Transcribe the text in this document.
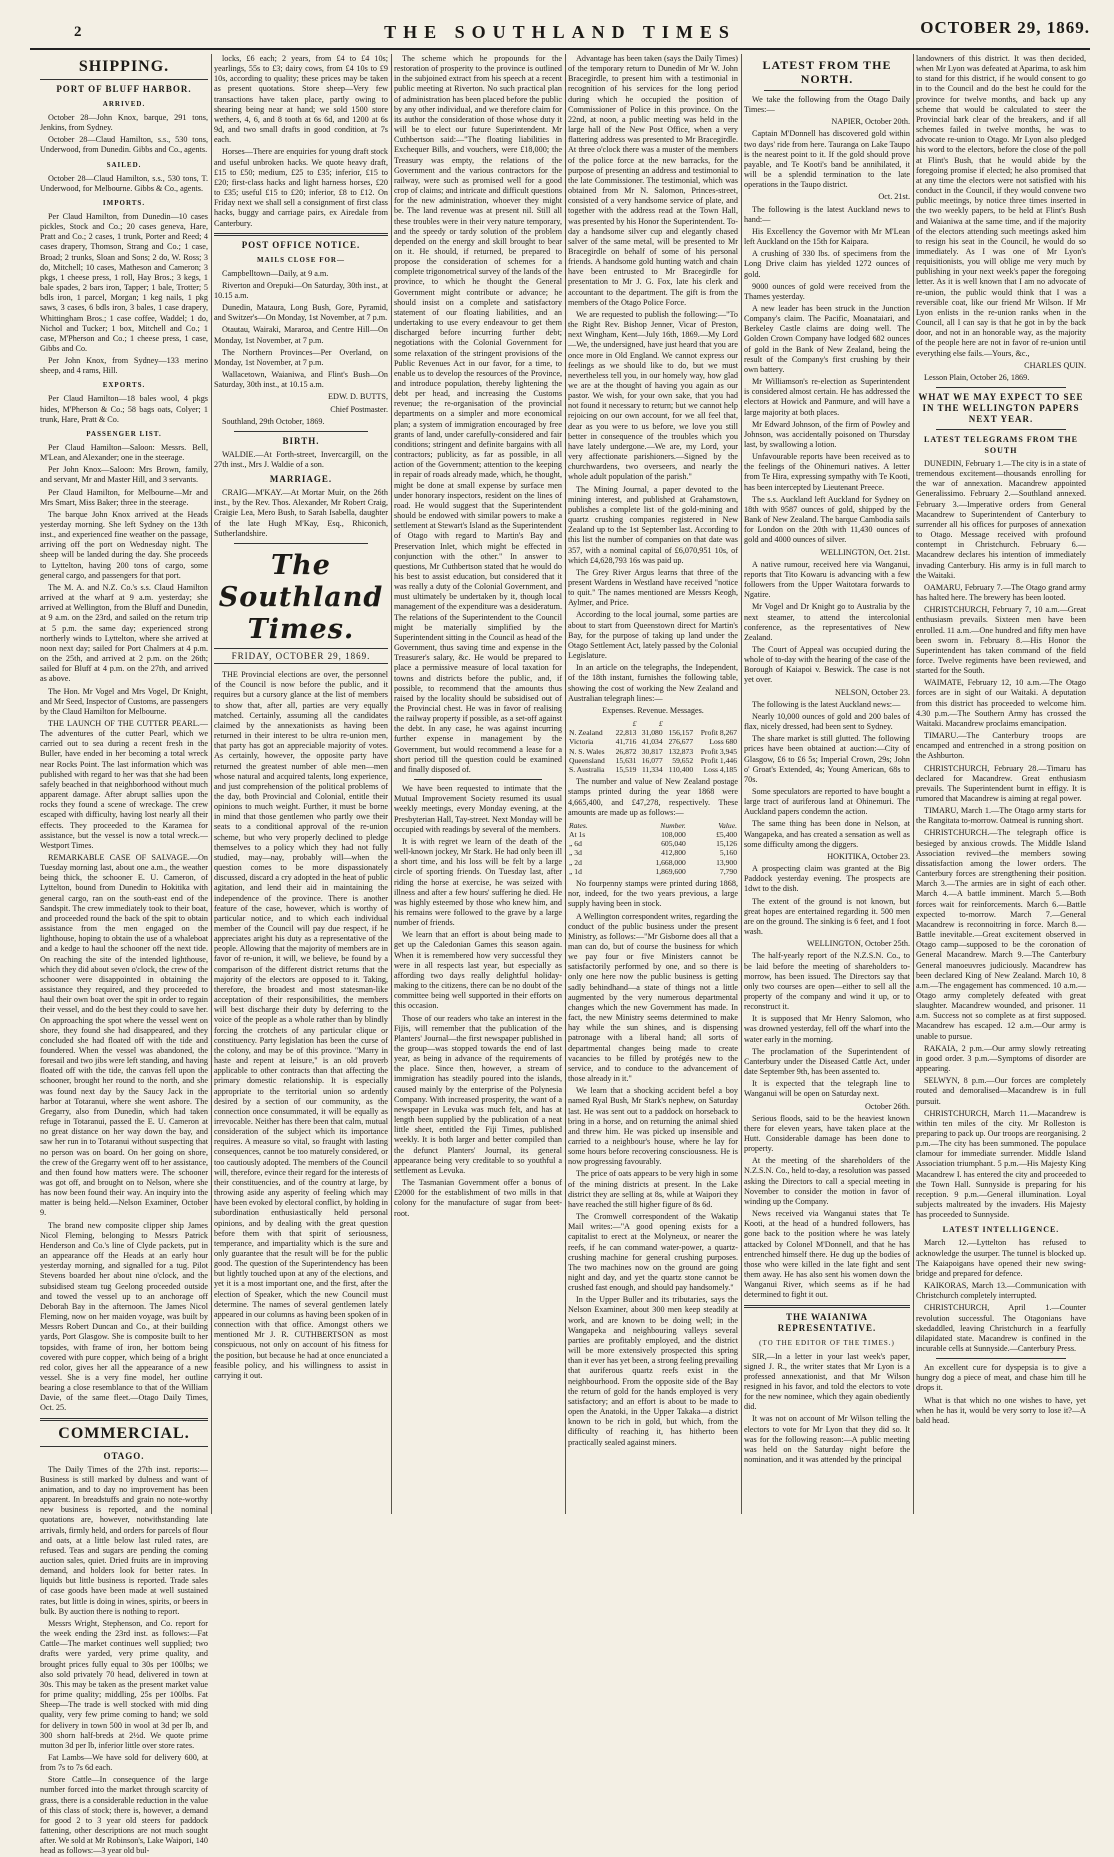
2	THE SOUTHLAND TIMES	OCTOBER 29, 1869.
SHIPPING.
PORT OF BLUFF HARBOR.
ARRIVED.

October 28—John Knox, barque, 291 tons, Jenkins, from Sydney.

October 28—Claud Hamilton, s.s., 530 tons, Underwood, from Dunedin. Gibbs and Co., agents.

SAILED.

October 28—Claud Hamilton, s.s., 530 tons, T. Underwood, for Melbourne. Gibbs & Co., agents.

IMPORTS.

Per Claud Hamilton, from Dunedin—10 cases pickles, Stock and Co.; 20 cases geneva, Hare, Pratt and Co.; 2 cases, 1 trunk, Porter and Reed; 4 cases drapery, Thomson, Strang and Co.; 1 case, Broad; 2 trunks, Sloan and Sons; 2 do, W. Ross; 3 do, Mitchell; 10 cases, Matheson and Cameron; 3 pkgs, 1 cheese press, 1 roll, Hay Bros.; 3 kegs, 1 bale spades, 2 bars iron, Tapper; 1 bale, Trotter; 5 bdls iron, 1 parcel, Morgan; 1 keg nails, 1 pkg saws, 3 cases, 6 bdls iron, 3 bales, 1 case drapery, Whittingham Bros.; 1 case coffee, Waddel; 1 do, Nichol and Tucker; 1 box, Mitchell and Co.; 1 case, M'Pherson and Co.; 1 cheese press, 1 case, Gibbs and Co.

Per John Knox, from Sydney—133 merino sheep, and 4 rams, Hill.

EXPORTS.

Per Claud Hamilton—18 bales wool, 4 pkgs hides, M'Pherson & Co.; 58 bags oats, Colyer; 1 trunk, Hare, Pratt & Co.

PASSENGER LIST.

Per Claud Hamilton—Saloon: Messrs. Bell, M'Lean, and Alexander; one in the steerage.

Per John Knox—Saloon: Mrs Brown, family, and servant, Mr and Master Hill, and 3 servants.

Per Claud Hamilton, for Melbourne—Mr and Mrs Smart, Miss Baker; three in the steerage.

The barque John Knox arrived at the Heads yesterday morning. She left Sydney on the 13th inst., and experienced fine weather on the passage, arriving off the port on Wednesday night. The sheep will be landed during the day. She proceeds to Lyttelton, having 200 tons of cargo, some general cargo, and passengers for that port.

The M. A. and N.Z. Co.'s s.s. Claud Hamilton arrived at the wharf at 9 a.m. yesterday; she arrived at Wellington, from the Bluff and Dunedin, at 9 a.m. on the 23rd, and sailed on the return trip at 5 p.m. the same day; experienced strong northerly winds to Lyttelton, where she arrived at noon next day; sailed for Port Chalmers at 4 p.m. on the 25th, and arrived at 2 p.m. on the 26th; sailed for Bluff at 4 p.m. on the 27th, and arrived as above.

The Hon. Mr Vogel and Mrs Vogel, Dr Knight, and Mr Seed, Inspector of Customs, are passengers by the Claud Hamilton for Melbourne.

THE LAUNCH OF THE CUTTER PEARL.—The adventures of the cutter Pearl, which we carried out to sea during a recent fresh in the Buller, have ended in her becoming a total wreck near Rocks Point. The last information which was published with regard to her was that she had been safely beached in that neighborhood without much apparent damage. After abrupt sallies upon the rocks they found a scene of wreckage. The crew escaped with difficulty, having lost nearly all their effects. They proceeded to the Karamea for assistance, but the vessel is now a total wreck.—Westport Times.

REMARKABLE CASE OF SALVAGE.—On Tuesday morning last, about one a.m., the weather being thick, the schooner E. U. Cameron, of Lyttelton, bound from Dunedin to Hokitika with general cargo, ran on the south-east end of the Sandspit. The crew immediately took to their boat, and proceeded round the back of the spit to obtain assistance from the men engaged on the lighthouse, hoping to obtain the use of a whaleboat and a kedge to haul the schooner off the next tide. On reaching the site of the intended lighthouse, which they did about seven o'clock, the crew of the schooner were disappointed in obtaining the assistance they required, and they proceeded to haul their own boat over the spit in order to regain their vessel, and do the best they could to save her. On approaching the spot where the vessel went on shore, they found she had disappeared, and they concluded she had floated off with the tide and foundered. When the vessel was abandoned, the foresail and two jibs were left standing, and having floated off with the tide, the canvas fell upon the schooner, brought her round to the north, and she was found next day by the Saucy Jack in the harbor at Totaranui, where she went ashore. The Gregarry, also from Dunedin, which had taken refuge in Totaranui, passed the E. U. Cameron at no great distance on her way down the bay, and saw her run in to Totaranui without suspecting that no person was on board. On her going on shore, the crew of the Gregarry went off to her assistance, and then found how matters were. The schooner was got off, and brought on to Nelson, where she has now been found their way. An inquiry into the matter is being held.—Nelson Examiner, October 9.

The brand new composite clipper ship James Nicol Fleming, belonging to Messrs Patrick Henderson and Co.'s line of Clyde packets, put in an appearance off the Heads at an early hour yesterday morning, and signalled for a tug. Pilot Stevens boarded her about nine o'clock, and the subsidised steam tug Geelong proceeded outside and towed the vessel up to an anchorage off Deborah Bay in the afternoon. The James Nicol Fleming, now on her maiden voyage, was built by Messrs Robert Duncan and Co., at their building yards, Port Glasgow. She is composite built to her topsides, with frame of iron, her bottom being covered with pure copper, which being of a bright red color, gives her all the appearance of a new vessel. She is a very fine model, her outline bearing a close resemblance to that of the William Davie, of the same fleet.—Otago Daily Times, Oct. 25.

COMMERCIAL.
OTAGO.

The Daily Times of the 27th inst. reports:—Business is still marked by dulness and want of animation, and to day no improvement has been apparent. In breadstuffs and grain no note-worthy new business is reported, and the nominal quotations are, however, notwithstanding late arrivals, firmly held, and orders for parcels of flour and oats, at a little below last ruled rates, are refused. Teas and sugars are pending the coming auction sales, quiet. Dried fruits are in improving demand, and holders look for better rates. In liquids but little business is reported. Trade sales of case goods have been made at well sustained rates, but little is doing in wines, spirits, or beers in bulk. By auction there is nothing to report.

Messrs Wright, Stephenson, and Co. report for the week ending the 23rd inst. as follows:—Fat Cattle—The market continues well supplied; two drafts were yarded, very prime quality, and brought prices fully equal to 30s per 100lbs; we also sold privately 70 head, delivered in town at 30s. This may be taken as the present market value for prime quality; middling, 25s per 100lbs. Fat Sheep—The trade is well stocked with mid ding quality, very few prime coming to hand; we sold for delivery in town 500 in wool at 3d per lb, and 300 shorn half-breds at 2½d. We quote prime mutton 3d per lb, inferior little over store rates.

Fat Lambs—We have sold for delivery 600, at from 7s to 7s 6d each.

Store Cattle—In consequence of the large number forced into the market through scarcity of grass, there is a considerable reduction in the value of this class of stock; there is, however, a demand for good 2 to 3 year old steers for paddock fattening, other descriptions are not much sought after. We sold at Mr Robinson's, Lake Waipori, 140 head as follows:—3 year old bul-

locks, £6 each; 2 years, from £4 to £4 10s; yearlings, 55s to £3; dairy cows, from £4 10s to £9 10s, according to quality; these prices may be taken as present quotations. Store sheep—Very few transactions have taken place, partly owing to shearing being near at hand; we sold 1500 store wethers, 4, 6, and 8 tooth at 6s 6d, and 1200 at 6s 9d, and two small drafts in good condition, at 7s each.

Horses—There are enquiries for young draft stock and useful unbroken hacks. We quote heavy draft, £15 to £50; medium, £25 to £35; inferior, £15 to £20; first-class hacks and light harness horses, £20 to £35; useful £15 to £20; inferior, £8 to £12. On Friday next we shall sell a consignment of first class hacks, buggy and carriage pairs, ex Airedale from Canterbury.

POST OFFICE NOTICE.
MAILS CLOSE FOR—

Campbelltown—Daily, at 9 a.m.

Riverton and Orepuki—On Saturday, 30th inst., at 10.15 a.m.

Dunedin, Mataura, Long Bush, Gore, Pyramid, and Switzer's—On Monday, 1st November, at 7 p.m.

Otautau, Wairaki, Mararoa, and Centre Hill—On Monday, 1st November, at 7 p.m.

The Northern Provinces—Per Overland, on Monday, 1st November, at 7 p.m.

Wallacetown, Waianiwa, and Flint's Bush—On Saturday, 30th inst., at 10.15 a.m.

EDW. D. BUTTS,

Chief Postmaster.

Southland, 29th October, 1869.

BIRTH.

WALDIE.—At Forth-street, Invercargill, on the 27th inst., Mrs J. Waldie of a son.

MARRIAGE.

CRAIG—M'KAY.—At Mortar Muir, on the 26th inst., by the Rev. Thos. Alexander, Mr Robert Craig, Craigie Lea, Mero Bush, to Sarah Isabella, daughter of the late Hugh M'Kay, Esq., Rhiconich, Sutherlandshire.

The Southland Times.
FRIDAY, OCTOBER 29, 1869.

THE Provincial elections are over, the personnel of the Council is now before the public, and it requires but a cursory glance at the list of members to show that, after all, parties are very equally matched. Certainly, assuming all the candidates claimed by the annexationists as having been returned in their interest to be ultra re-union men, that party has got an appreciable majority of votes. As certainly, however, the opposite party have returned the greatest number of able men—men whose natural and acquired talents, long experience, and just comprehension of the political problems of the day, both Provincial and Colonial, entitle their opinions to much weight. Further, it must be borne in mind that those gentlemen who partly owe their seats to a conditional approval of the re-union scheme, but who very properly declined to pledge themselves to a policy which they had not fully studied, may—nay, probably will—when the question comes to be more dispassionately discussed, discard a cry adopted in the heat of public agitation, and lend their aid in maintaining the independence of the province. There is another feature of the case, however, which is worthy of particular notice, and to which each individual member of the Council will pay due respect, if he appreciates aright his duty as a representative of the people. Allowing that the majority of members are in favor of re-union, it will, we believe, be found by a comparison of the different district returns that the majority of the electors are opposed to it. Taking, therefore, the broadest and most statesman-like acceptation of their responsibilities, the members will best discharge their duty by deferring to the voice of the people as a whole rather than by blindly forcing the crotchets of any particular clique or constituency. Party legislation has been the curse of the colony, and may be of this province. "Marry in haste and repent at leisure," is an old proverb applicable to other contracts than that affecting the primary domestic relationship. It is especially appropriate to the territorial union so ardently desired by a section of our community, as the connection once consummated, it will be equally as irrevocable. Neither has there been that calm, mutual consideration of the subject which its importance requires. A measure so vital, so fraught with lasting consequences, cannot be too maturely considered, or too cautiously adopted. The members of the Council will, therefore, evince their regard for the interests of their constituencies, and of the country at large, by throwing aside any asperity of feeling which may have been evoked by electoral conflict, by holding in subordination enthusiastically held personal opinions, and by dealing with the great question before them with that spirit of seriousness, temperance, and impartiality which is the sure and only guarantee that the result will be for the public good. The question of the Superintendency has been but lightly touched upon at any of the elections, and yet it is a most important one, and the first, after the election of Speaker, which the new Council must determine. The names of several gentlemen lately appeared in our columns as having been spoken of in connection with that office. Amongst others we mentioned Mr J. R. CUTHBERTSON as most conspicuous, not only on account of his fitness for the position, but because he had at once enunciated a feasible policy, and his willingness to assist in carrying it out.

The scheme which he propounds for the restoration of prosperity to the province is outlined in the subjoined extract from his speech at a recent public meeting at Riverton. No such practical plan of administration has been placed before the public by any other individual, and we therefore claim for its author the consideration of those whose duty it will be to elect our future Superintendent. Mr Cuthbertson said:—"The floating liabilities in Exchequer Bills, and vouchers, were £18,000; the Treasury was empty, the relations of the Government and the various contractors for the railway, were such as promised well for a good crop of claims; and intricate and difficult questions for the new administration, whoever they might be. The land revenue was at present nil. Still all these troubles were in their very nature temporary, and the speedy or tardy solution of the problem depended on the energy and skill brought to bear on it. He should, if returned, be prepared to propose the consideration of schemes for a complete trigonometrical survey of the lands of the province, to which he thought the General Government might contribute or advance; he should insist on a complete and satisfactory statement of our floating liabilities, and an undertaking to use every endeavour to get them discharged before incurring further debt; negotiations with the Colonial Government for some relaxation of the stringent provisions of the Public Revenues Act in our favor, for a time, to enable us to develop the resources of the Province, and introduce population, thereby lightening the debt per head, and increasing the Customs revenue; the re-organisation of the provincial departments on a simpler and more economical plan; a system of immigration encouraged by free grants of land, under carefully-considered and fair conditions; stringent and definite bargains with all contractors; publicity, as far as possible, in all action of the Government; attention to the keeping in repair of roads already made, which, he thought, might be done at small expense by surface men under honorary inspectors, resident on the lines of road. He would suggest that the Superintendent should be endowed with similar powers to make a settlement at Stewart's Island as the Superintendent of Otago with regard to Martin's Bay and Preservation Inlet, which might be effected in conjunction with the other." In answer to questions, Mr Cuthbertson stated that he would do his best to assist education, but considered that it was really a duty of the Colonial Government, and must ultimately be undertaken by it, though local management of the expenditure was a desideratum. The relations of the Superintendent to the Council might be materially simplified by the Superintendent sitting in the Council as head of the Government, thus saving time and expense in the Treasurer's salary, &c. He would be prepared to place a permissive measure of local taxation for towns and districts before the public, and, if possible, to recommend that the amounts thus raised by the locality should be subsidised out of the Provincial chest. He was in favor of realising the railway property if possible, as a set-off against the debt. In any case, he was against incurring further expense in management by the Government, but would recommend a lease for a short period till the question could be examined and finally disposed of.

We have been requested to intimate that the Mutual Improvement Society resumed its usual weekly meetings, every Monday evening, at the Presbyterian Hall, Tay-street. Next Monday will be occupied with readings by several of the members.

It is with regret we learn of the death of the well-known jockey, Mr Stark. He had only been ill a short time, and his loss will be felt by a large circle of sporting friends. On Tuesday last, after riding the horse at exercise, he was seized with illness and after a few hours' suffering he died. He was highly esteemed by those who knew him, and his remains were followed to the grave by a large number of friends.

We learn that an effort is about being made to get up the Caledonian Games this season again. When it is remembered how very successful they were in all respects last year, but especially as affording two days really delightful holiday-making to the citizens, there can be no doubt of the committee being well supported in their efforts on this occasion.

Those of our readers who take an interest in the Fijis, will remember that the publication of the Planters' Journal—the first newspaper published in the group—was stopped towards the end of last year, as being in advance of the requirements of the place. Since then, however, a stream of immigration has steadily poured into the islands, caused mainly by the enterprise of the Polynesia Company. With increased prosperity, the want of a newspaper in Levuka was much felt, and has at length been supplied by the publication of a neat little sheet, entitled the Fiji Times, published weekly. It is both larger and better compiled than the defunct Planters' Journal, its general appearance being very creditable to so youthful a settlement as Levuka.

The Tasmanian Government offer a bonus of £2000 for the establishment of two mills in that colony for the manufacture of sugar from beet-root.

Advantage has been taken (says the Daily Times) of the temporary return to Dunedin of Mr W. John Bracegirdle, to present him with a testimonial in recognition of his services for the long period during which he occupied the position of Commissioner of Police in this province. On the 22nd, at noon, a public meeting was held in the large hall of the New Post Office, when a very flattering address was presented to Mr Bracegirdle. At three o'clock there was a muster of the members of the police force at the new barracks, for the purpose of presenting an address and testimonial to the late Commissioner. The testimonial, which was obtained from Mr N. Salomon, Princes-street, consisted of a very handsome service of plate, and together with the address read at the Town Hall, was presented by his Honor the Superintendent. To-day a handsome silver cup and elegantly chased salver of the same metal, will be presented to Mr Bracegirdle on behalf of some of his personal friends. A handsome gold hunting watch and chain have been entrusted to Mr Bracegirdle for presentation to Mr J. G. Fox, late his clerk and accountant to the department. The gift is from the members of the Otago Police Force.

We are requested to publish the following:—"To the Right Rev. Bishop Jenner, Vicar of Preston, next Wingham, Kent—July 16th, 1869.—My Lord—We, the undersigned, have just heard that you are once more in Old England. We cannot express our feelings as we should like to do, but we must nevertheless tell you, in our homely way, how glad we are at the thought of having you again as our pastor. We wish, for your own sake, that you had not found it necessary to return; but we cannot help rejoicing on our own account, for we all feel that, dear as you were to us before, we love you still better in consequence of the troubles which you have lately undergone.—We are, my Lord, your very affectionate parishioners.—Signed by the churchwardens, two overseers, and nearly the whole adult population of the parish."

The Mining Journal, a paper devoted to the mining interest, and published at Grahamstown, publishes a complete list of the gold-mining and quartz crushing companies registered in New Zealand up to the 1st September last. According to this list the number of companies on that date was 357, with a nominal capital of £6,070,951 10s, of which £4,628,793 16s was paid up.

The Grey River Argus learns that three of the present Wardens in Westland have received "notice to quit." The names mentioned are Messrs Keogh, Aylmer, and Price.

According to the local journal, some parties are about to start from Queenstown direct for Martin's Bay, for the purpose of taking up land under the Otago Settlement Act, lately passed by the Colonial Legislature.

In an article on the telegraphs, the Independent, of the 18th instant, furnishes the following table, showing the cost of working the New Zealand and Australian telegraph lines:—

Expenses. Revenue. Messages.

	£	£		
N. Zealand	22,813	31,080	156,157	Profit 8,267
Victoria	41,716	41,034	276,677	Loss 680
N. S. Wales	26,872	30,817	132,873	Profit 3,945
Queensland	15,631	16,077	59,652	Profit 1,446
S. Australia	15,519	11,334	110,400	Loss 4,185

The number and value of New Zealand postage stamps printed during the year 1868 were 4,665,400, and £47,278, respectively. These amounts are made up as follows:—

Rates.	Number.	Value.
At 1s	108,000	£5,400
„ 6d	605,040	15,126
„ 3d	412,800	5,160
„ 2d	1,668,000	13,900
„ 1d	1,869,600	7,790

No fourpenny stamps were printed during 1868, nor, indeed, for the two years previous, a large supply having been in stock.

A Wellington correspondent writes, regarding the conduct of the public business under the present Ministry, as follows:—"Mr Gisborne does all that a man can do, but of course the business for which we pay four or five Ministers cannot be satisfactorily performed by one, and so there is only one here now the public business is getting sadly behindhand—a state of things not a little augmented by the very numerous departmental changes which the new Government has made. In fact, the new Ministry seems determined to make hay while the sun shines, and is dispensing patronage with a liberal hand; all sorts of departmental changes being made to create vacancies to be filled by protégés new to the service, and to conduce to the advancement of those already in it."

We learn that a shocking accident befel a boy named Ryal Bush, Mr Stark's nephew, on Saturday last. He was sent out to a paddock on horseback to bring in a horse, and on returning the animal shied and threw him. He was picked up insensible and carried to a neighbour's house, where he lay for some hours before recovering consciousness. He is now progressing favourably.

The price of oats appears to be very high in some of the mining districts at present. In the Lake district they are selling at 8s, while at Waipori they have reached the still higher figure of 8s 6d.

The Cromwell correspondent of the Wakatip Mail writes:—"A good opening exists for a capitalist to erect at the Molyneux, or nearer the reefs, if he can command water-power, a quartz-crushing machine for general crushing purposes. The two machines now on the ground are going night and day, and yet the quartz stone cannot be crushed fast enough, and should pay handsomely."

In the Upper Buller and its tributaries, says the Nelson Examiner, about 300 men keep steadily at work, and are known to be doing well; in the Wangapeka and neighbouring valleys several parties are profitably employed, and the district will be more extensively prospected this spring than it ever has yet been, a strong feeling prevailing that auriferous quartz reefs exist in the neighbourhood. From the opposite side of the Bay the return of gold for the hands employed is very satisfactory; and an effort is about to be made to open the Anatoki, in the Upper Takaka—a district known to be rich in gold, but which, from the difficulty of reaching it, has hitherto been practically sealed against miners.

LATEST FROM THE NORTH.

We take the following from the Otago Daily Times:—

NAPIER, October 20th.

Captain M'Donnell has discovered gold within two days' ride from here. Tauranga on Lake Taupo is the nearest point to it. If the gold should prove payable, and Te Kooti's band be annihilated, it will be a splendid termination to the late operations in the Taupo district.

Oct. 21st.

The following is the latest Auckland news to hand:—

His Excellency the Governor with Mr M'Lean left Auckland on the 15th for Kaipara.

A crushing of 330 lbs. of specimens from the Long Drive claim has yielded 1272 ounces of gold.

9000 ounces of gold were received from the Thames yesterday.

A new leader has been struck in the Junction Company's claim. The Pacific, Moanataiari, and Berkeley Castle claims are doing well. The Golden Crown Company have lodged 682 ounces of gold in the Bank of New Zealand, being the result of the Company's first crushing by their own battery.

Mr Williamson's re-election as Superintendent is considered almost certain. He has addressed the electors at Howick and Panmure, and will have a large majority at both places.

Mr Edward Johnson, of the firm of Powley and Johnson, was accidentally poisoned on Thursday last, by swallowing a lotion.

Unfavourable reports have been received as to the feelings of the Ohinemuri natives. A letter from Te Hira, expressing sympathy with Te Kooti, has been intercepted by Lieutenant Preece.

The s.s. Auckland left Auckland for Sydney on 18th with 9587 ounces of gold, shipped by the Bank of New Zealand. The barque Cambodia sails for London on the 20th with 11,430 ounces of gold and 4000 ounces of silver.

WELLINGTON, Oct. 21st.

A native rumour, received here via Wanganui, reports that Tito Kowaru is advancing with a few followers from the Upper Waitotara forwards to Ngatire.

Mr Vogel and Dr Knight go to Australia by the next steamer, to attend the intercolonial conference, as the representatives of New Zealand.

The Court of Appeal was occupied during the whole of to-day with the hearing of the case of the Borough of Kaiapoi v. Beswick. The case is not yet over.

NELSON, October 23.

The following is the latest Auckland news:—

Nearly 10,000 ounces of gold and 200 bales of flax, nicely dressed, had been sent to Sydney.

The share market is still glutted. The following prices have been obtained at auction:—City of Glasgow, £6 to £6 5s; Imperial Crown, 29s; John o' Groat's Extended, 4s; Young American, 68s to 70s.

Some speculators are reported to have bought a large tract of auriferous land at Ohinemuri. The Auckland papers condemn the action.

The same thing has been done in Nelson, at Wangapeka, and has created a sensation as well as some difficulty among the diggers.

HOKITIKA, October 23.

A prospecting claim was granted at the Big Paddock yesterday evening. The prospects are 1dwt to the dish.

The extent of the ground is not known, but great hopes are entertained regarding it. 500 men are on the ground. The sinking is 6 feet, and 1 foot wash.

WELLINGTON, October 25th.

The half-yearly report of the N.Z.S.N. Co., to be laid before the meeting of shareholders to-morrow, has been issued. The Directors say that only two courses are open—either to sell all the property of the company and wind it up, or to reconstruct it.

It is supposed that Mr Henry Salomon, who was drowned yesterday, fell off the wharf into the water early in the morning.

The proclamation of the Superintendent of Canterbury under the Diseased Cattle Act, under date September 9th, has been assented to.

It is expected that the telegraph line to Wanganui will be open on Saturday next.

October 26th.

Serious floods, said to be the heaviest known there for eleven years, have taken place at the Hutt. Considerable damage has been done to property.

At the meeting of the shareholders of the N.Z.S.N. Co., held to-day, a resolution was passed asking the Directors to call a special meeting in November to consider the motion in favor of winding up the Company.

News received via Wanganui states that Te Kooti, at the head of a hundred followers, has gone back to the position where he was lately attacked by Colonel M'Donnell, and that he has entrenched himself there. He dug up the bodies of those who were killed in the late fight and sent them away. He has also sent his women down the Wanganui River, which seems as if he had determined to fight it out.

THE WAIANIWA REPRESENTATIVE.
(TO THE EDITOR OF THE TIMES.)

SIR,—In a letter in your last week's paper, signed J. R., the writer states that Mr Lyon is a professed annexationist, and that Mr Wilson resigned in his favor, and told the electors to vote for the new nominee, which they again obediently did.

It was not on account of Mr Wilson telling the electors to vote for Mr Lyon that they did so. It was for the following reason:—A public meeting was held on the Saturday night before the nomination, and it was attended by the principal

landowners of this district. It was then decided, when Mr Lyon was defeated at Aparima, to ask him to stand for this district, if he would consent to go in to the Council and do the best he could for the province for twelve months, and back up any scheme that would be calculated to steer the Provincial bark clear of the breakers, and if all schemes failed in twelve months, he was to advocate re-union to Otago. Mr Lyon also pledged his word to the electors, before the close of the poll at Flint's Bush, that he would abide by the foregoing promise if elected; he also promised that at any time the electors were not satisfied with his conduct in the Council, if they would convene two public meetings, by notice three times inserted in the two weekly papers, to be held at Flint's Bush and Waianiwa at the same time, and if the majority of the electors attending such meetings asked him to resign his seat in the Council, he would do so immediately. As I was one of Mr Lyon's requisitionists, you will oblige me very much by publishing in your next week's paper the foregoing letter. As it is well known that I am no advocate of re-union, the public would think that I was a reversible coat, like our friend Mr Wilson. If Mr Lyon enlists in the re-union ranks when in the Council, all I can say is that he got in by the back door, and not in an honorable way, as the majority of the people here are not in favor of re-union until everything else fails.—Yours, &c.,

CHARLES QUIN.

Lesson Plain, October 26, 1869.

WHAT WE MAY EXPECT TO SEE IN THE WELLINGTON PAPERS NEXT YEAR.
LATEST TELEGRAMS FROM THE SOUTH

DUNEDIN, February 1.—The city is in a state of tremendous excitement—thousands enrolling for the war of annexation. Macandrew appointed Generalissimo. February 2.—Southland annexed. February 3.—Imperative orders from General Macandrew to Superintendent of Canterbury to surrender all his offices for purposes of annexation to Otago. Message received with profound contempt in Christchurch. February 6.—Macandrew declares his intention of immediately invading Canterbury. His army is in full march to the Waitaki.

OAMARU, February 7.—The Otago grand army has halted here. The brewery has been looted.

CHRISTCHURCH, February 7, 10 a.m.—Great enthusiasm prevails. Sixteen men have been enrolled. 11 a.m.—One hundred and fifty men have been sworn in. February 8.—His Honor the Superintendent has taken command of the field force. Twelve regiments have been reviewed, and started for the South.

WAIMATE, February 12, 10 a.m.—The Otago forces are in sight of our Waitaki. A deputation from this district has proceeded to welcome him. 4.30 p.m.—The Southern Army has crossed the Waitaki. Macandrew proclaims emancipation.

TIMARU.—The Canterbury troops are encamped and entrenched in a strong position on the Ashburton.

CHRISTCHURCH, February 28.—Timaru has declared for Macandrew. Great enthusiasm prevails. The Superintendent burnt in effigy. It is rumored that Macandrew is aiming at regal power.

TIMARU, March 1.—The Otago army starts for the Rangitata to-morrow. Oatmeal is running short.

CHRISTCHURCH.—The telegraph office is besieged by anxious crowds. The Middle Island Association revived—the members sowing dissatisfaction among the lower orders. The Canterbury forces are strengthening their position. March 3.—The armies are in sight of each other. March 4.—A battle imminent. March 5.—Both forces wait for reinforcements. March 6.—Battle expected to-morrow. March 7.—General Macandrew is reconnoitring in force. March 8.—Battle inevitable.—Great excitement observed in Otago camp—supposed to be the coronation of General Macandrew. March 9.—The Canterbury General manoeuvres judiciously. Macandrew has been declared King of New Zealand. March 10, 8 a.m.—The engagement has commenced. 10 a.m.—Otago army completely defeated with great slaughter. Macandrew wounded, and prisoner. 11 a.m. Success not so complete as at first supposed. Macandrew has escaped. 12 a.m.—Our army is unable to pursue.

RAKAIA, 2 p.m.—Our army slowly retreating in good order. 3 p.m.—Symptoms of disorder are appearing.

SELWYN, 8 p.m.—Our forces are completely routed and demoralised—Macandrew is in full pursuit.

CHRISTCHURCH, March 11.—Macandrew is within ten miles of the city. Mr Rolleston is preparing to pack up. Our troops are reorganising. 2 p.m.—The city has been summoned. The populace clamour for immediate surrender. Middle Island Association triumphant. 5 p.m.—His Majesty King Macandrew I. has entered the city and proceeded to the Town Hall. Sunnyside is preparing for his reception. 9 p.m.—General illumination. Loyal subjects maltreated by the invaders. His Majesty has proceeded to Sunnyside.

LATEST INTELLIGENCE.

March 12.—Lyttelton has refused to acknowledge the usurper. The tunnel is blocked up. The Kaiapoigans have opened their new swing-bridge and prepared for defence.

KAIKORAS, March 13.—Communication with Christchurch completely interrupted.

CHRISTCHURCH, April 1.—Counter revolution successful. The Otagonians have skedaddled, leaving Christchurch in a fearfully dilapidated state. Macandrew is confined in the incurable cells at Sunnyside.—Canterbury Press.

An excellent cure for dyspepsia is to give a hungry dog a piece of meat, and chase him till he drops it.

What is that which no one wishes to have, yet when he has it, would be very sorry to lose it?—A bald head.
